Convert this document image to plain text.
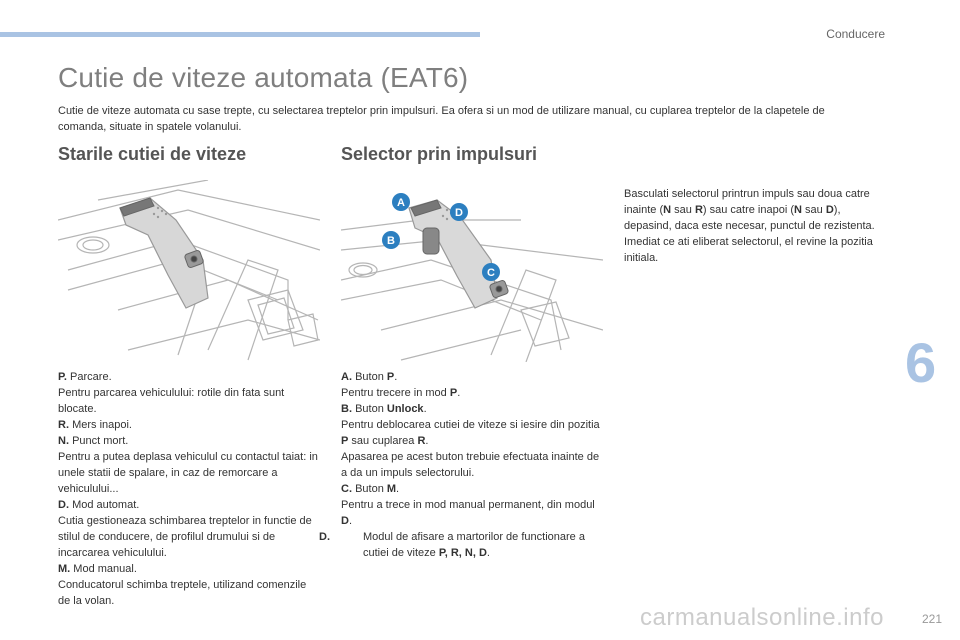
Conducere
Cutie de viteze automata (EAT6)
Cutie de viteze automata cu sase trepte, cu selectarea treptelor prin impulsuri. Ea ofera si un mod de utilizare manual, cu cuplarea treptelor de la clapetele de comanda, situate in spatele volanului.
Starile cutiei de viteze	Selector prin impulsuri
A
D
B
C

P. Parcare.

Pentru parcarea vehiculului: rotile din fata sunt blocate.

R. Mers inapoi.

N. Punct mort.

Pentru a putea deplasa vehiculul cu contactul taiat: in unele statii de spalare, in caz de remorcare a vehiculului...

D. Mod automat.

Cutia gestioneaza schimbarea treptelor in functie de stilul de conducere, de profilul drumului si de incarcarea vehiculului.

M. Mod manual.

Conducatorul schimba treptele, utilizand comenzile de la volan.

A. Buton P.

Pentru trecere in mod P.

B. Buton Unlock.

Pentru deblocarea cutiei de viteze si iesire din pozitia P sau cuplarea R.

Apasarea pe acest buton trebuie efectuata inainte de a da un impuls selectorului.

C. Buton M.

Pentru a trece in mod manual permanent, din modul D.

D.	Modul de afisare a martorilor de functionare a cutiei de viteze P, R, N, D.

Basculati selectorul printrun impuls sau doua catre inainte (N sau R) sau catre inapoi (N sau D), depasind, daca este necesar, punctul de rezistenta.

Imediat ce ati eliberat selectorul, el revine la pozitia initiala.

6
carmanualsonline.info	221
